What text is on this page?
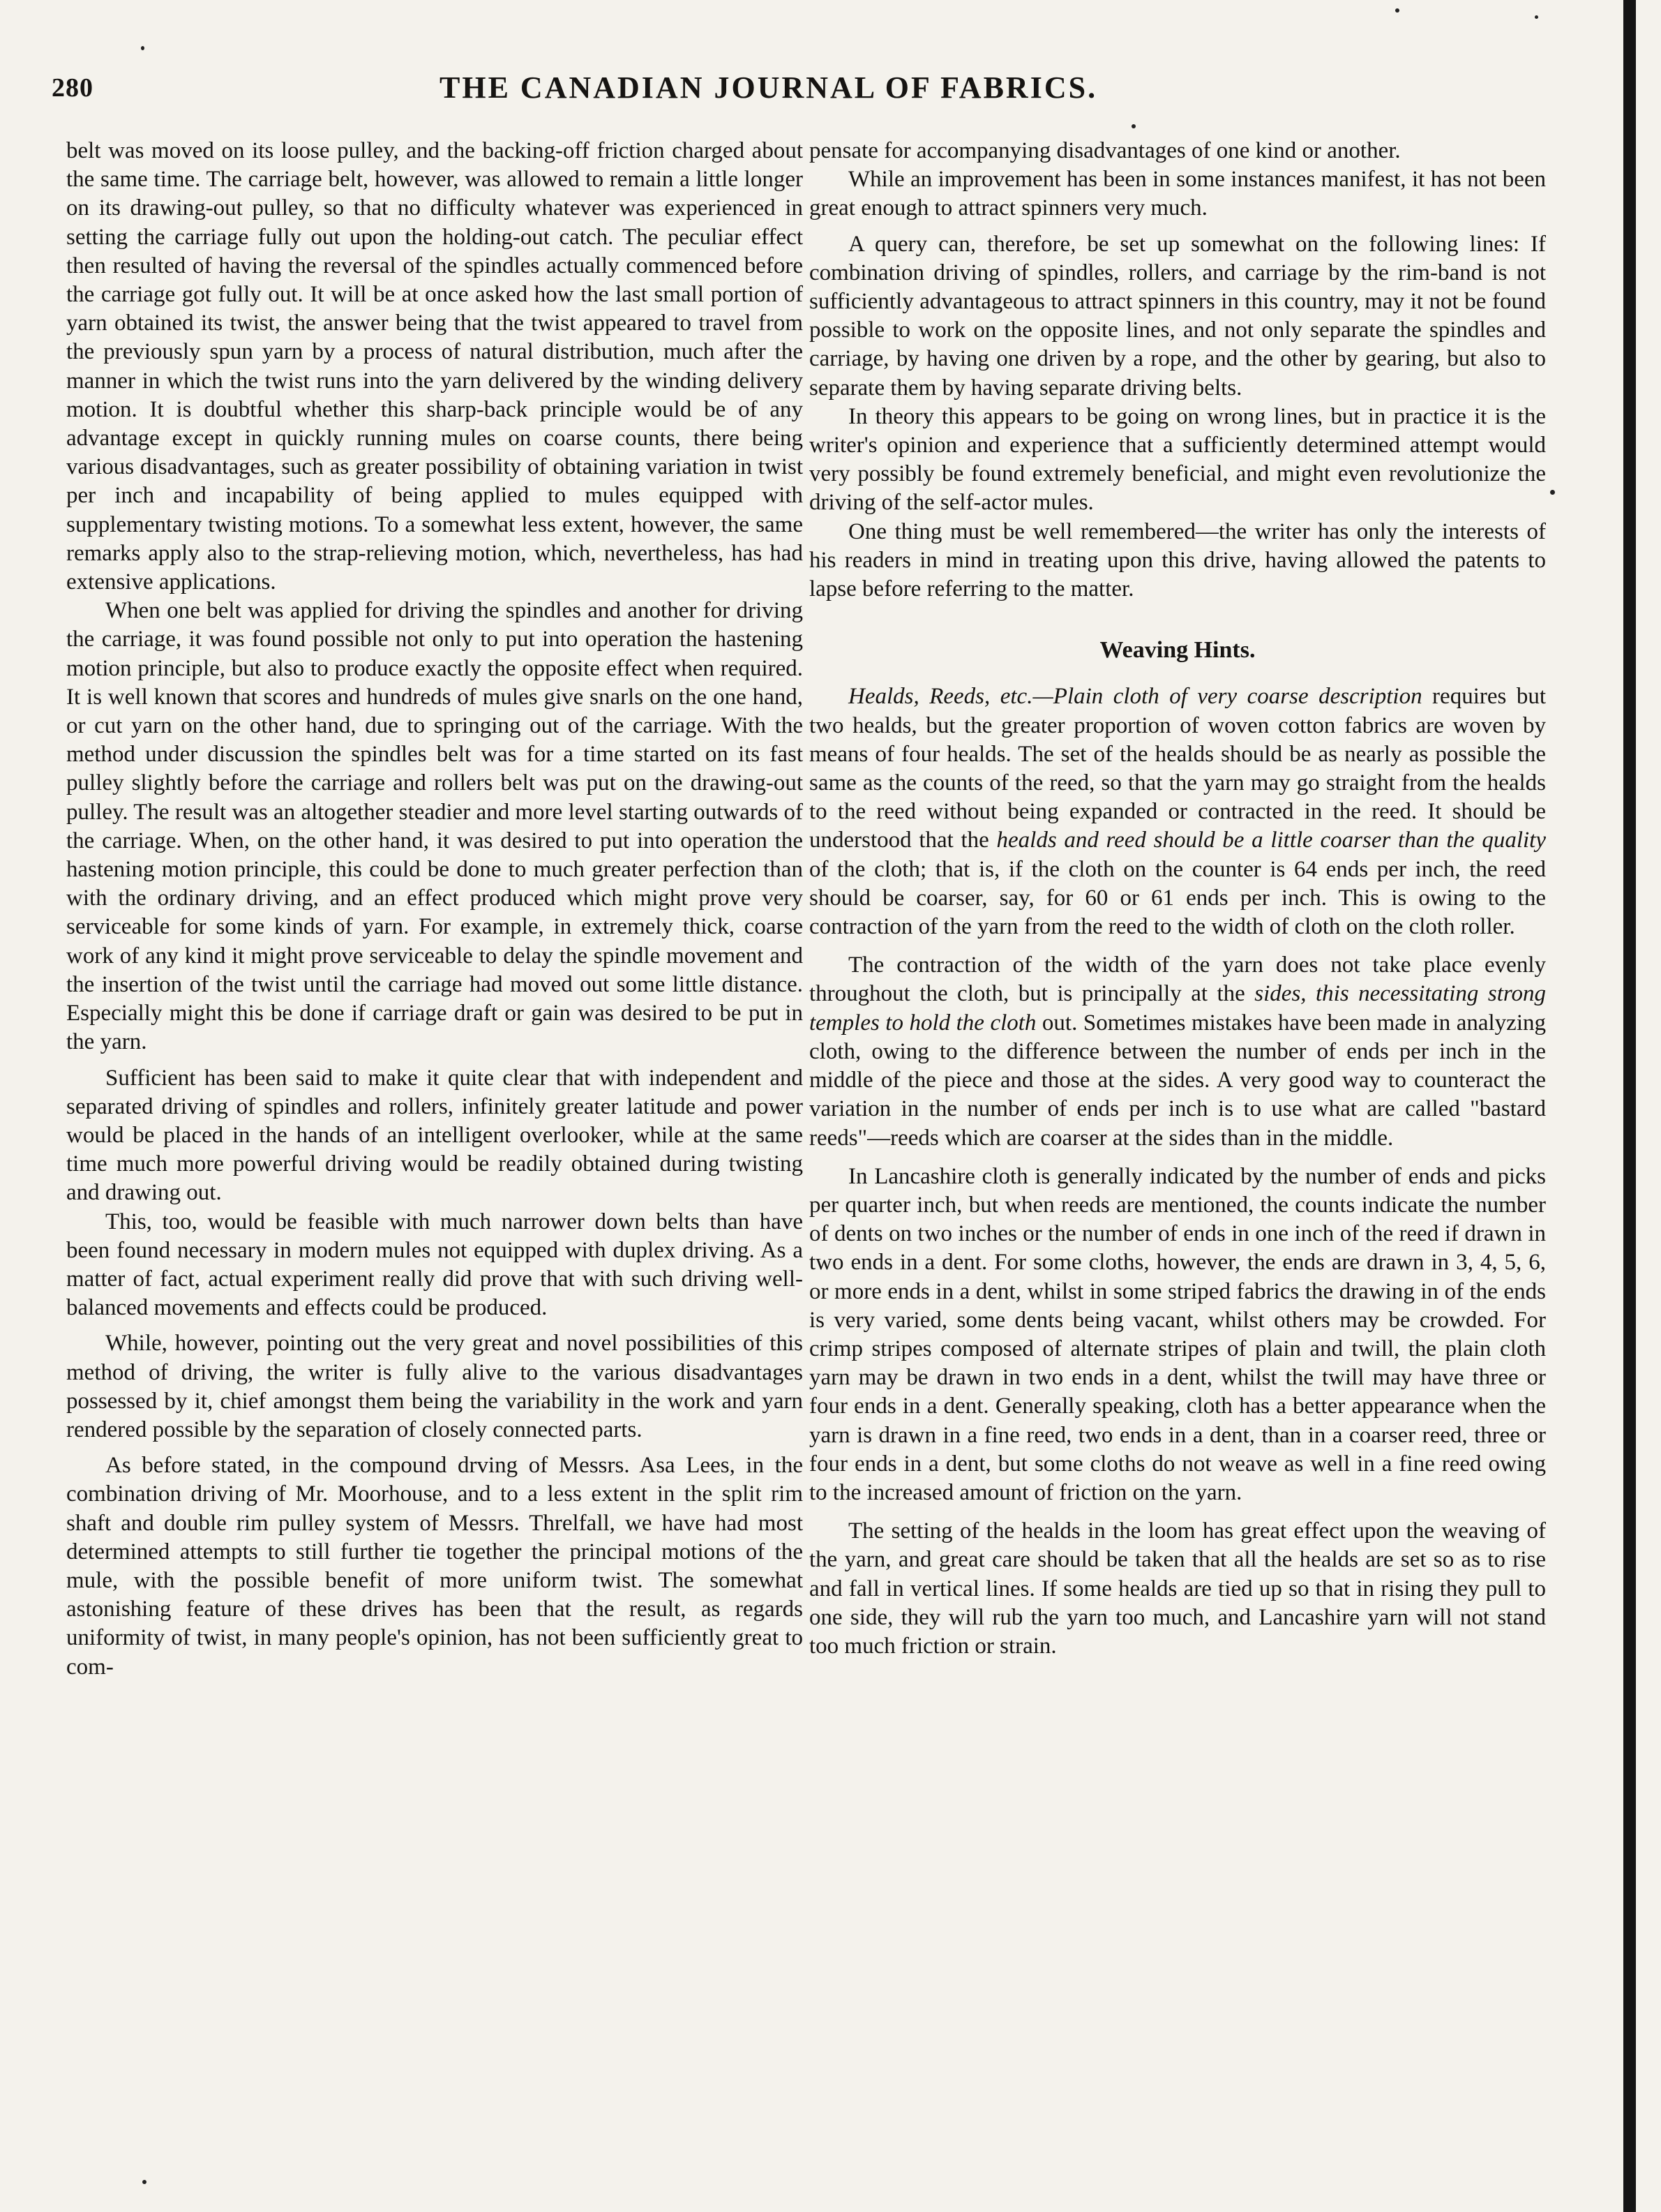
280	THE CANADIAN JOURNAL OF FABRICS.

belt was moved on its loose pulley, and the backing-off friction charged about the same time. The carriage belt, however, was allowed to remain a little longer on its drawing-out pulley, so that no difficulty whatever was experienced in setting the carriage fully out upon the holding-out catch. The peculiar effect then resulted of having the reversal of the spindles actually commenced before the carriage got fully out. It will be at once asked how the last small portion of yarn obtained its twist, the answer being that the twist appeared to travel from the previously spun yarn by a process of natural distribution, much after the manner in which the twist runs into the yarn delivered by the winding delivery motion. It is doubtful whether this sharp-back principle would be of any advantage except in quickly running mules on coarse counts, there being various disadvantages, such as greater possibility of obtaining variation in twist per inch and incapability of being applied to mules equipped with supplementary twisting motions. To a somewhat less extent, however, the same remarks apply also to the strap-relieving motion, which, nevertheless, has had extensive applications.

When one belt was applied for driving the spindles and another for driving the carriage, it was found possible not only to put into operation the hastening motion principle, but also to produce exactly the opposite effect when required. It is well known that scores and hundreds of mules give snarls on the one hand, or cut yarn on the other hand, due to springing out of the carriage. With the method under discussion the spindles belt was for a time started on its fast pulley slightly before the carriage and rollers belt was put on the drawing-out pulley. The result was an altogether steadier and more level starting outwards of the carriage. When, on the other hand, it was desired to put into operation the hastening motion principle, this could be done to much greater perfection than with the ordinary driving, and an effect produced which might prove very serviceable for some kinds of yarn. For example, in extremely thick, coarse work of any kind it might prove serviceable to delay the spindle movement and the insertion of the twist until the carriage had moved out some little distance. Especially might this be done if carriage draft or gain was desired to be put in the yarn.

Sufficient has been said to make it quite clear that with independent and separated driving of spindles and rollers, infinitely greater latitude and power would be placed in the hands of an intelligent overlooker, while at the same time much more powerful driving would be readily obtained during twisting and drawing out.

This, too, would be feasible with much narrower down belts than have been found necessary in modern mules not equipped with duplex driving. As a matter of fact, actual experiment really did prove that with such driving well-balanced movements and effects could be produced.

While, however, pointing out the very great and novel possibilities of this method of driving, the writer is fully alive to the various disadvantages possessed by it, chief amongst them being the variability in the work and yarn rendered possible by the separation of closely connected parts.

As before stated, in the compound drving of Messrs. Asa Lees, in the combination driving of Mr. Moorhouse, and to a less extent in the split rim shaft and double rim pulley system of Messrs. Threlfall, we have had most determined attempts to still further tie together the principal motions of the mule, with the possible benefit of more uniform twist. The somewhat astonishing feature of these drives has been that the result, as regards uniformity of twist, in many people's opinion, has not been sufficiently great to com-

pensate for accompanying disadvantages of one kind or another.

While an improvement has been in some instances manifest, it has not been great enough to attract spinners very much.

A query can, therefore, be set up somewhat on the following lines: If combination driving of spindles, rollers, and carriage by the rim-band is not sufficiently advantageous to attract spinners in this country, may it not be found possible to work on the opposite lines, and not only separate the spindles and carriage, by having one driven by a rope, and the other by gearing, but also to separate them by having separate driving belts.

In theory this appears to be going on wrong lines, but in practice it is the writer's opinion and experience that a sufficiently determined attempt would very possibly be found extremely beneficial, and might even revolutionize the driving of the self-actor mules.

One thing must be well remembered—the writer has only the interests of his readers in mind in treating upon this drive, having allowed the patents to lapse before referring to the matter.

Weaving Hints.

Healds, Reeds, etc.—Plain cloth of very coarse description requires but two healds, but the greater proportion of woven cotton fabrics are woven by means of four healds. The set of the healds should be as nearly as possible the same as the counts of the reed, so that the yarn may go straight from the healds to the reed without being expanded or contracted in the reed. It should be understood that the healds and reed should be a little coarser than the quality of the cloth; that is, if the cloth on the counter is 64 ends per inch, the reed should be coarser, say, for 60 or 61 ends per inch. This is owing to the contraction of the yarn from the reed to the width of cloth on the cloth roller.

The contraction of the width of the yarn does not take place evenly throughout the cloth, but is principally at the sides, this necessitating strong temples to hold the cloth out. Sometimes mistakes have been made in analyzing cloth, owing to the difference between the number of ends per inch in the middle of the piece and those at the sides. A very good way to counteract the variation in the number of ends per inch is to use what are called "bastard reeds"—reeds which are coarser at the sides than in the middle.

In Lancashire cloth is generally indicated by the number of ends and picks per quarter inch, but when reeds are mentioned, the counts indicate the number of dents on two inches or the number of ends in one inch of the reed if drawn in two ends in a dent. For some cloths, however, the ends are drawn in 3, 4, 5, 6, or more ends in a dent, whilst in some striped fabrics the drawing in of the ends is very varied, some dents being vacant, whilst others may be crowded. For crimp stripes composed of alternate stripes of plain and twill, the plain cloth yarn may be drawn in two ends in a dent, whilst the twill may have three or four ends in a dent. Generally speaking, cloth has a better appearance when the yarn is drawn in a fine reed, two ends in a dent, than in a coarser reed, three or four ends in a dent, but some cloths do not weave as well in a fine reed owing to the increased amount of friction on the yarn.

The setting of the healds in the loom has great effect upon the weaving of the yarn, and great care should be taken that all the healds are set so as to rise and fall in vertical lines. If some healds are tied up so that in rising they pull to one side, they will rub the yarn too much, and Lancashire yarn will not stand too much friction or strain.
